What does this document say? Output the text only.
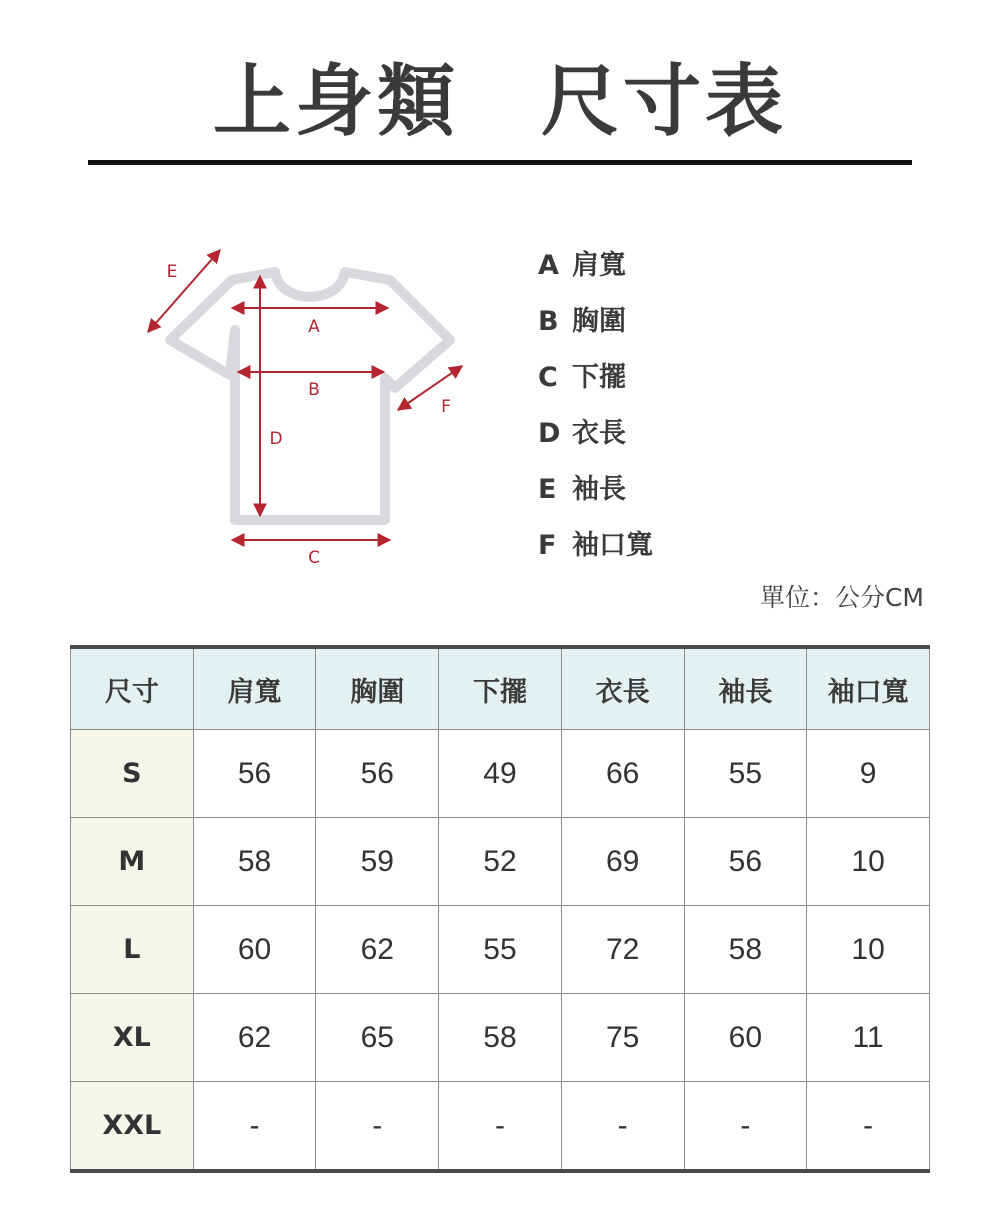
上身類　尺寸表
A
B
C
D
E
F
A 肩寬
B 胸圍
C 下擺
D 衣長
E 袖長
F 袖口寬
單位：公分CM
尺寸	肩寬	胸圍	下擺	衣長	袖長	袖口寬
S	56	56	49	66	55	9
M	58	59	52	69	56	10
L	60	62	55	72	58	10
XL	62	65	58	75	60	11
XXL	-	-	-	-	-	-
